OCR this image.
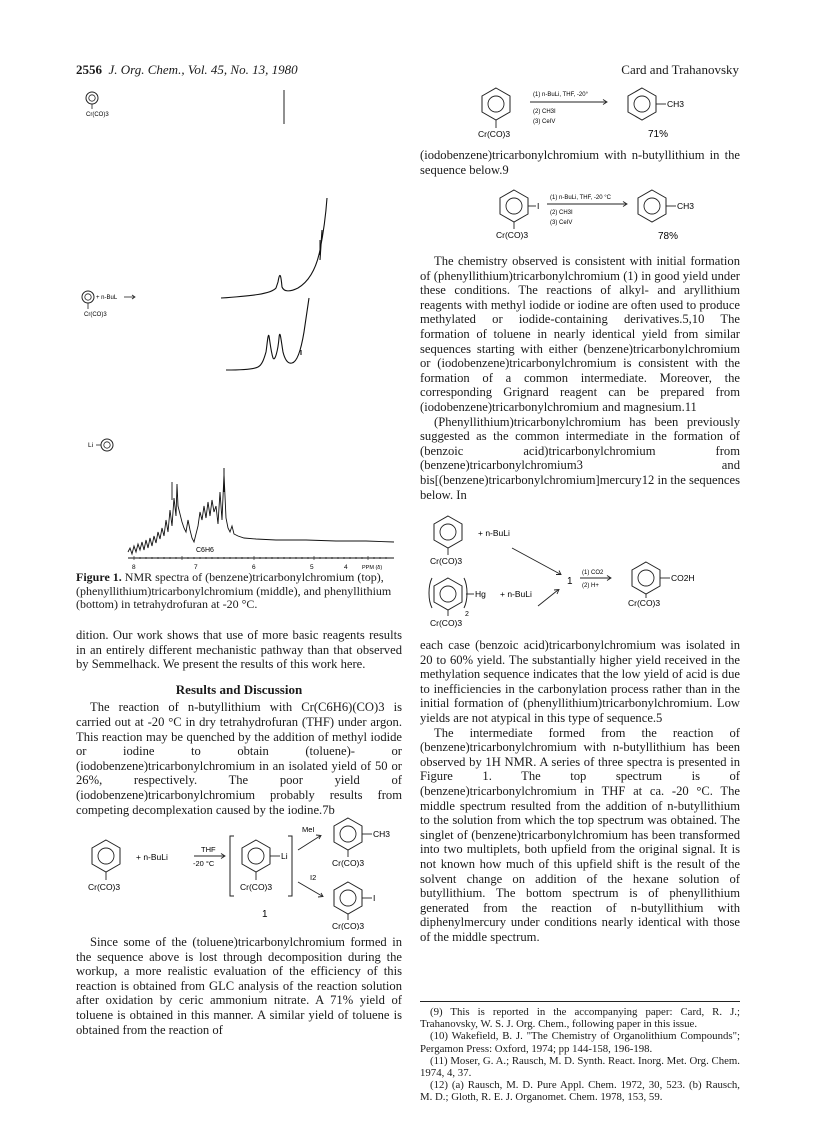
2556 J. Org. Chem., Vol. 45, No. 13, 1980	Card and Trahanovsky
Cr(CO)3
+ n-BuL
Cr(CO)3
Li
C6H6
8	7	6	5	4	PPM (δ)
Figure 1. NMR spectra of (benzene)tricarbonylchromium (top), (phenyllithium)tricarbonylchromium (middle), and phenyllithium (bottom) in tetrahydrofuran at -20 °C.

dition. Our work shows that use of more basic reagents results in an entirely different mechanistic pathway than that observed by Semmelhack. We present the results of this work here.

Results and Discussion

The reaction of n-butyllithium with Cr(C6H6)(CO)3 is carried out at -20 °C in dry tetrahydrofuran (THF) under argon. This reaction may be quenched by the addition of methyl iodide or iodine to obtain (toluene)- or (iodobenzene)tricarbonylchromium in an isolated yield of 50 or 26%, respectively. The poor yield of (iodobenzene)tricarbonylchromium probably results from competing decomplexation caused by the iodine.7b

Cr(CO)3
+ n-BuLi
THF
-20 °C
Li
Cr(CO)3
1
MeI	CH3
Cr(CO)3
I2
I
Cr(CO)3

Since some of the (toluene)tricarbonylchromium formed in the sequence above is lost through decomposition during the workup, a more realistic evaluation of the efficiency of this reaction is obtained from GLC analysis of the reaction solution after oxidation by ceric ammonium nitrate. A 71% yield of toluene is obtained in this manner. A similar yield of toluene is obtained from the reaction of

Cr(CO)3
(1) n-BuLi, THF, -20°
(2) CH3I
(3) CeIV
CH3
71%

(iodobenzene)tricarbonylchromium with n-butyllithium in the sequence below.9

I
Cr(CO)3
(1) n-BuLi, THF, -20 °C
(2) CH3I
(3) CeIV
CH3
78%

The chemistry observed is consistent with initial formation of (phenyllithium)tricarbonylchromium (1) in good yield under these conditions. The reactions of alkyl- and aryllithium reagents with methyl iodide or iodine are often used to produce methylated or iodide-containing derivatives.5,10 The formation of toluene in nearly identical yield from similar sequences starting with either (benzene)tricarbonylchromium or (iodobenzene)tricarbonylchromium is consistent with the formation of a common intermediate. Moreover, the corresponding Grignard reagent can be prepared from (iodobenzene)tricarbonylchromium and magnesium.11

(Phenyllithium)tricarbonylchromium has been previously suggested as the common intermediate in the formation of (benzoic acid)tricarbonylchromium from (benzene)tricarbonylchromium3 and bis[(benzene)tricarbonylchromium]mercury12 in the sequences below. In

Cr(CO)3
+ n-BuLi
1
(1) CO2
(2) H+
CO2H
Cr(CO)3
2
Hg + n-BuLi
Cr(CO)3

each case (benzoic acid)tricarbonylchromium was isolated in 20 to 60% yield. The substantially higher yield received in the methylation sequence indicates that the low yield of acid is due to inefficiencies in the carbonylation process rather than in the initial formation of (phenyllithium)tricarbonylchromium. Low yields are not atypical in this type of sequence.5

The intermediate formed from the reaction of (benzene)tricarbonylchromium with n-butyllithium has been observed by 1H NMR. A series of three spectra is presented in Figure 1. The top spectrum is of (benzene)tricarbonylchromium in THF at ca. -20 °C. The middle spectrum resulted from the addition of n-butyllithium to the solution from which the top spectrum was obtained. The singlet of (benzene)tricarbonylchromium has been transformed into two multiplets, both upfield from the original signal. It is not known how much of this upfield shift is the result of the solvent change on addition of the hexane solution of butyllithium. The bottom spectrum is of phenyllithium generated from the reaction of n-butyllithium with diphenylmercury under conditions nearly identical with those of the middle spectrum.

(9) This is reported in the accompanying paper: Card, R. J.; Trahanovsky, W. S. J. Org. Chem., following paper in this issue.

(10) Wakefield, B. J. "The Chemistry of Organolithium Compounds"; Pergamon Press: Oxford, 1974; pp 144-158, 196-198.

(11) Moser, G. A.; Rausch, M. D. Synth. React. Inorg. Met. Org. Chem. 1974, 4, 37.

(12) (a) Rausch, M. D. Pure Appl. Chem. 1972, 30, 523. (b) Rausch, M. D.; Gloth, R. E. J. Organomet. Chem. 1978, 153, 59.
